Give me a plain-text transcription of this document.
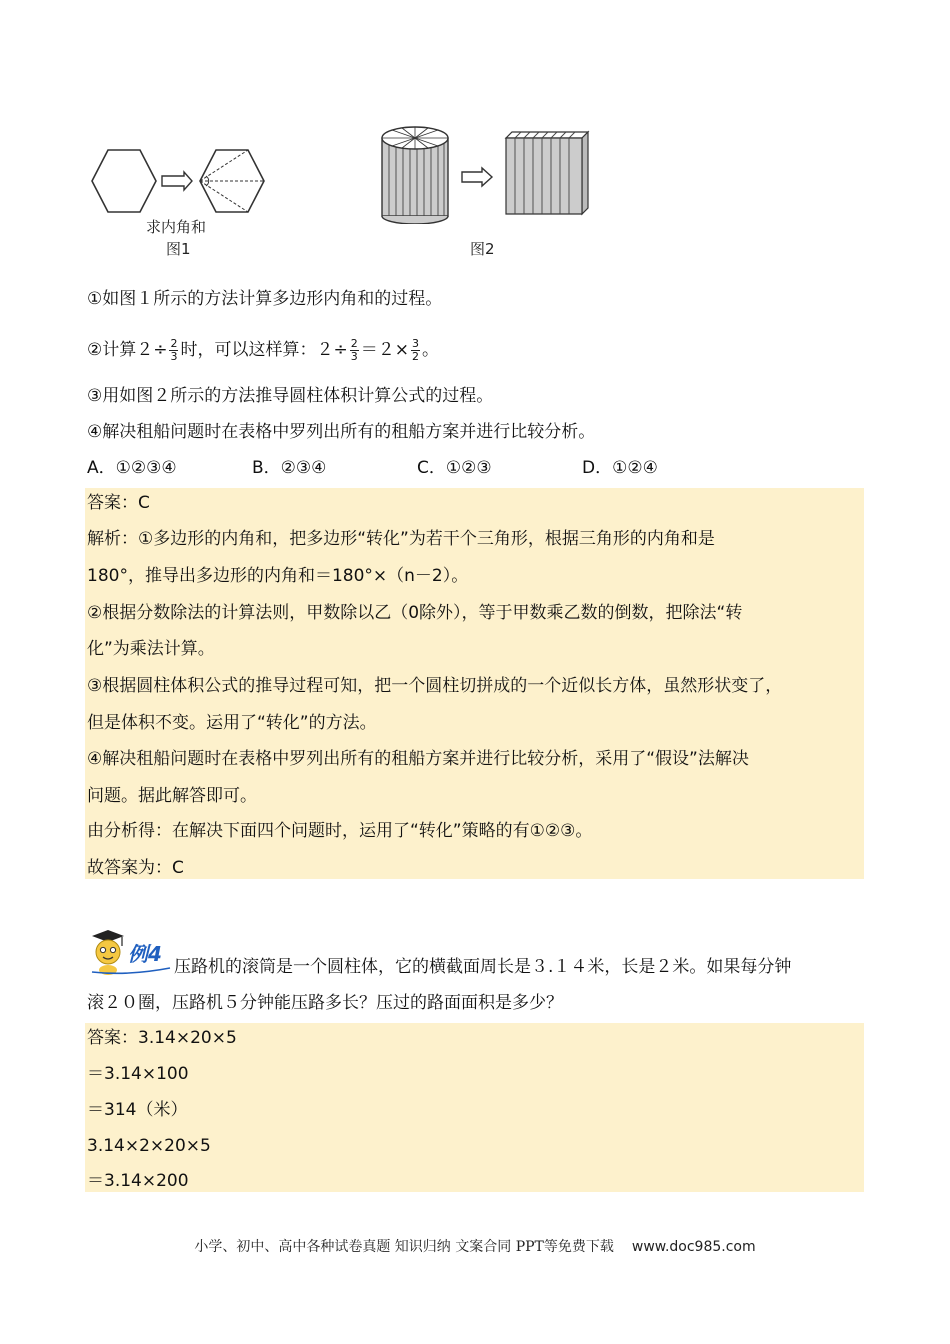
求内角和
图1	图2
①如图１所示的方法计算多边形内角和的过程。
②计算$2\div \frac{2}{3}$ 时，可以这样算：$2\div \frac{2}{3} =2\times \frac{3}{2}$ 。
③用如图２所示的方法推导圆柱体积计算公式的过程。
④解决租船问题时在表格中罗列出所有的租船方案并进行比较分析。
A．①②③④	B．②③④	C．①②③	D．①②④
答案：C
解析：①多边形的内角和，把多边形“转化”为若干个三角形，根据三角形的内角和是
180°，推导出多边形的内角和＝180°×（n－2）。
②根据分数除法的计算法则，甲数除以乙（0除外），等于甲数乘乙数的倒数，把除法“转
化”为乘法计算。
③根据圆柱体积公式的推导过程可知，把一个圆柱切拼成的一个近似长方体，虽然形状变了，
但是体积不变。运用了“转化”的方法。
④解决租船问题时在表格中罗列出所有的租船方案并进行比较分析，采用了“假设”法解决
问题。据此解答即可。
由分析得：在解决下面四个问题时，运用了“转化”策略的有①②③。
故答案为：C
例4
压路机的滚筒是一个圆柱体，它的横截面周长是３.１４米，长是２米。如果每分钟
滚２０圈，压路机５分钟能压路多长？压过的路面面积是多少？
答案：3.14×20×5
＝3.14×100
＝314（米）
3.14×2×20×5
＝3.14×200
小学、初中、高中各种试卷真题 知识归纳 文案合同 PPT等免费下载 www.doc985.com
